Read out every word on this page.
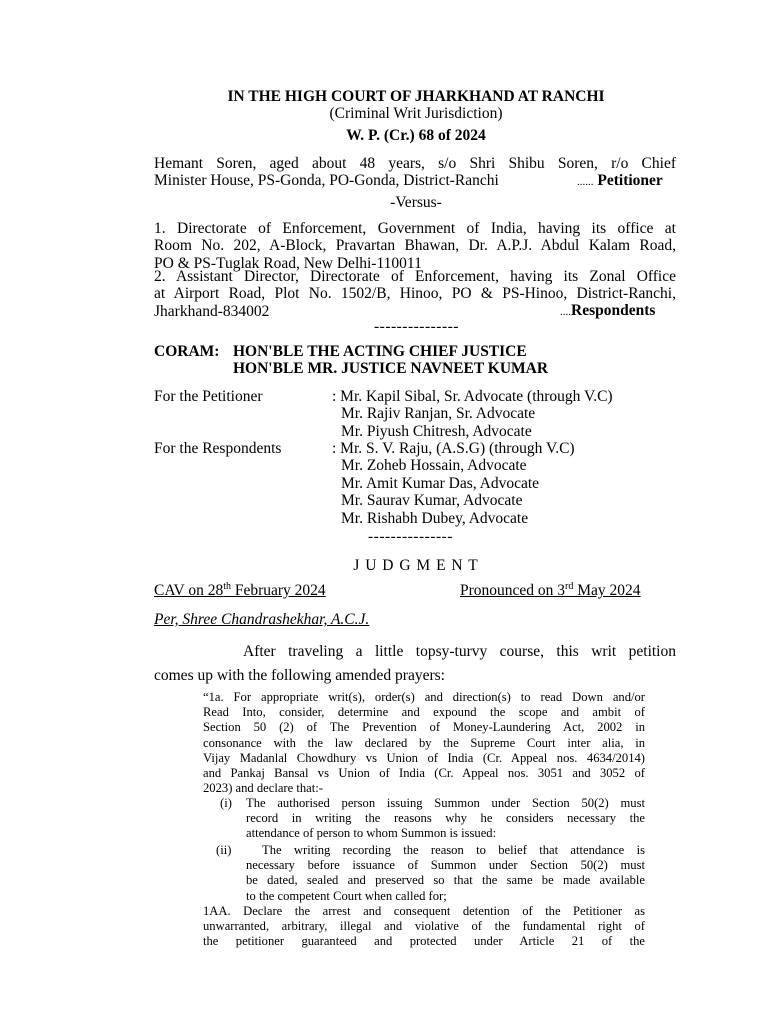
IN THE HIGH COURT OF JHARKHAND AT RANCHI
(Criminal Writ Jurisdiction)
W. P. (Cr.) 68 of 2024
Hemant Soren, aged about 48 years, s/o Shri Shibu Soren, r/o Chief
Minister House, PS-Gonda, PO-Gonda, District-Ranchi	...... Petitioner
-Versus-
1. Directorate of Enforcement, Government of India, having its office at
Room No. 202, A-Block, Pravartan Bhawan, Dr. A.P.J. Abdul Kalam Road,
PO & PS-Tuglak Road, New Delhi-110011
2. Assistant Director, Directorate of Enforcement, having its Zonal Office
at Airport Road, Plot No. 1502/B, Hinoo, PO & PS-Hinoo, District-Ranchi,
Jharkhand-834002	....Respondents
---------------
CORAM: HON'BLE THE ACTING CHIEF JUSTICE
HON'BLE MR. JUSTICE NAVNEET KUMAR
For the Petitioner	: Mr. Kapil Sibal, Sr. Advocate (through V.C)
Mr. Rajiv Ranjan, Sr. Advocate
Mr. Piyush Chitresh, Advocate
For the Respondents	: Mr. S. V. Raju, (A.S.G) (through V.C)
Mr. Zoheb Hossain, Advocate
Mr. Amit Kumar Das, Advocate
Mr. Saurav Kumar, Advocate
Mr. Rishabh Dubey, Advocate
---------------
J U D G M E N T
CAV on 28th February 2024	Pronounced on 3rd May 2024
Per, Shree Chandrashekhar, A.C.J.
After traveling a little topsy-turvy course, this writ petition
comes up with the following amended prayers:
“1a. For appropriate writ(s), order(s) and direction(s) to read Down and/or
Read Into, consider, determine and expound the scope and ambit of
Section 50 (2) of The Prevention of Money-Laundering Act, 2002 in
consonance with the law declared by the Supreme Court inter alia, in
Vijay Madanlal Chowdhury vs Union of India (Cr. Appeal nos. 4634/2014)
and Pankaj Bansal vs Union of India (Cr. Appeal nos. 3051 and 3052 of
2023) and declare that:-
(i) The authorised person issuing Summon under Section 50(2) must
record in writing the reasons why he considers necessary the
attendance of person to whom Summon is issued:
(ii)	The writing recording the reason to belief that attendance is
necessary before issuance of Summon under Section 50(2) must
be dated, sealed and preserved so that the same be made available
to the competent Court when called for;
1AA. Declare the arrest and consequent detention of the Petitioner as
unwarranted, arbitrary, illegal and violative of the fundamental right of
the petitioner guaranteed and protected under Article 21 of the
